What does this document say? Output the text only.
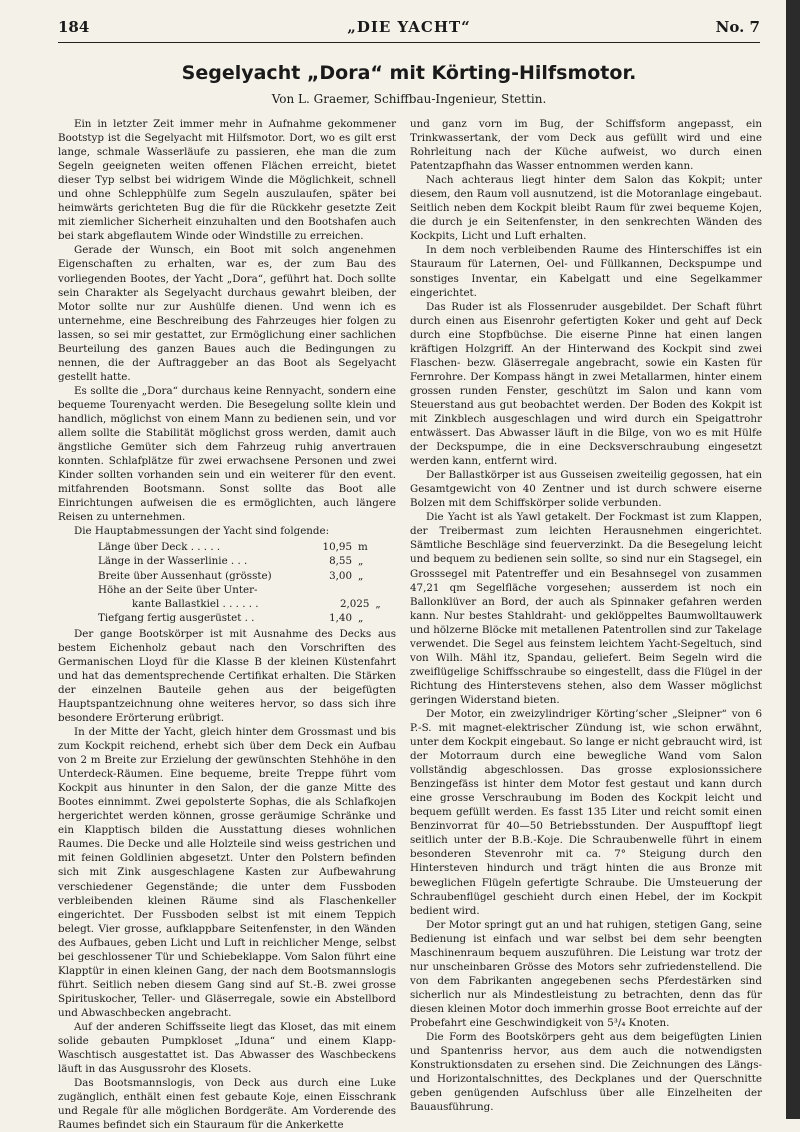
184	„DIE YACHT“	No. 7
Segelyacht „Dora“ mit Körting-Hilfsmotor.
Von L. Graemer, Schiffbau-Ingenieur, Stettin.

Ein in letzter Zeit immer mehr in Aufnahme gekommener Bootstyp ist die Segelyacht mit Hilfsmotor. Dort, wo es gilt erst lange, schmale Wasserläufe zu passieren, ehe man die zum Segeln geeigneten weiten offenen Flächen erreicht, bietet dieser Typ selbst bei widrigem Winde die Möglichkeit, schnell und ohne Schlepphülfe zum Segeln auszulaufen, später bei heimwärts gerichteten Bug die für die Rückkehr gesetzte Zeit mit ziemlicher Sicherheit einzuhalten und den Bootshafen auch bei stark abgeflautem Winde oder Windstille zu erreichen.

Gerade der Wunsch, ein Boot mit solch angenehmen Eigenschaften zu erhalten, war es, der zum Bau des vorliegenden Bootes, der Yacht „Dora“, geführt hat. Doch sollte sein Charakter als Segelyacht durchaus gewahrt bleiben, der Motor sollte nur zur Aushülfe dienen. Und wenn ich es unternehme, eine Beschreibung des Fahrzeuges hier folgen zu lassen, so sei mir gestattet, zur Ermöglichung einer sachlichen Beurteilung des ganzen Baues auch die Bedingungen zu nennen, die der Auftraggeber an das Boot als Segelyacht gestellt hatte.

Es sollte die „Dora“ durchaus keine Rennyacht, sondern eine bequeme Tourenyacht werden. Die Besegelung sollte klein und handlich, möglichst von einem Mann zu bedienen sein, und vor allem sollte die Stabilität möglichst gross werden, damit auch ängstliche Gemüter sich dem Fahrzeug ruhig anvertrauen konnten. Schlafplätze für zwei erwachsene Personen und zwei Kinder sollten vorhanden sein und ein weiterer für den event. mitfahrenden Bootsmann. Sonst sollte das Boot alle Einrichtungen aufweisen die es ermöglichten, auch längere Reisen zu unternehmen.

Die Hauptabmessungen der Yacht sind folgende:

Länge über Deck . . . . .	10,95 m
Länge in der Wasserlinie . . .	8,55 „
Breite über Aussenhaut (grösste)	3,00 „
Höhe an der Seite über Unter-
kante Ballastkiel . . . . . .	2,025 „
Tiefgang fertig ausgerüstet . .	1,40 „

Der gange Bootskörper ist mit Ausnahme des Decks aus bestem Eichenholz gebaut nach den Vorschriften des Germanischen Lloyd für die Klasse B der kleinen Küstenfahrt und hat das dementsprechende Certifikat erhalten. Die Stärken der einzelnen Bauteile gehen aus der beigefügten Hauptspantzeichnung ohne weiteres hervor, so dass sich ihre besondere Erörterung erübrigt.

In der Mitte der Yacht, gleich hinter dem Grossmast und bis zum Kockpit reichend, erhebt sich über dem Deck ein Aufbau von 2 m Breite zur Erzielung der gewünschten Stehhöhe in den Unterdeck-Räumen. Eine bequeme, breite Treppe führt vom Kockpit aus hinunter in den Salon, der die ganze Mitte des Bootes einnimmt. Zwei gepolsterte Sophas, die als Schlafkojen hergerichtet werden können, grosse geräumige Schränke und ein Klapptisch bilden die Ausstattung dieses wohnlichen Raumes. Die Decke und alle Holzteile sind weiss gestrichen und mit feinen Goldlinien abgesetzt. Unter den Polstern befinden sich mit Zink ausgeschlagene Kasten zur Aufbewahrung verschiedener Gegenstände; die unter dem Fussboden verbleibenden kleinen Räume sind als Flaschenkeller eingerichtet. Der Fussboden selbst ist mit einem Teppich belegt. Vier grosse, aufklappbare Seitenfenster, in den Wänden des Aufbaues, geben Licht und Luft in reichlicher Menge, selbst bei geschlossener Tür und Schiebeklappe. Vom Salon führt eine Klapptür in einen kleinen Gang, der nach dem Bootsmannslogis führt. Seitlich neben diesem Gang sind auf St.-B. zwei grosse Spirituskocher, Teller- und Gläserregale, sowie ein Abstellbord und Abwaschbecken angebracht.

Auf der anderen Schiffsseite liegt das Kloset, das mit einem solide gebauten Pumpkloset „Iduna“ und einem Klapp-Waschtisch ausgestattet ist. Das Abwasser des Waschbeckens läuft in das Ausgussrohr des Klosets.

Das Bootsmannslogis, von Deck aus durch eine Luke zugänglich, enthält einen fest gebaute Koje, einen Eisschrank und Regale für alle möglichen Bordgeräte. Am Vorderende des Raumes befindet sich ein Stauraum für die Ankerkette

und ganz vorn im Bug, der Schiffsform angepasst, ein Trinkwassertank, der vom Deck aus gefüllt wird und eine Rohrleitung nach der Küche aufweist, wo durch einen Patentzapfhahn das Wasser entnommen werden kann.

Nach achteraus liegt hinter dem Salon das Kokpit; unter diesem, den Raum voll ausnutzend, ist die Motoranlage eingebaut. Seitlich neben dem Kockpit bleibt Raum für zwei bequeme Kojen, die durch je ein Seitenfenster, in den senkrechten Wänden des Kockpits, Licht und Luft erhalten.

In dem noch verbleibenden Raume des Hinterschiffes ist ein Stauraum für Laternen, Oel- und Füllkannen, Deckspumpe und sonstiges Inventar, ein Kabelgatt und eine Segelkammer eingerichtet.

Das Ruder ist als Flossenruder ausgebildet. Der Schaft führt durch einen aus Eisenrohr gefertigten Koker und geht auf Deck durch eine Stopfbüchse. Die eiserne Pinne hat einen langen kräftigen Holzgriff. An der Hinterwand des Kockpit sind zwei Flaschen- bezw. Gläserregale angebracht, sowie ein Kasten für Fernrohre. Der Kompass hängt in zwei Metallarmen, hinter einem grossen runden Fenster, geschützt im Salon und kann vom Steuerstand aus gut beobachtet werden. Der Boden des Kokpit ist mit Zinkblech ausgeschlagen und wird durch ein Speigattrohr entwässert. Das Abwasser läuft in die Bilge, von wo es mit Hülfe der Deckspumpe, die in eine Decksverschraubung eingesetzt werden kann, entfernt wird.

Der Ballastkörper ist aus Gusseisen zweiteilig gegossen, hat ein Gesamtgewicht von 40 Zentner und ist durch schwere eiserne Bolzen mit dem Schiffskörper solide verbunden.

Die Yacht ist als Yawl getakelt. Der Fockmast ist zum Klappen, der Treibermast zum leichten Herausnehmen eingerichtet. Sämtliche Beschläge sind feuerverzinkt. Da die Besegelung leicht und bequem zu bedienen sein sollte, so sind nur ein Stagsegel, ein Grosssegel mit Patentreffer und ein Besahnsegel von zusammen 47,21 qm Segelfläche vorgesehen; ausserdem ist noch ein Ballonklüver an Bord, der auch als Spinnaker gefahren werden kann. Nur bestes Stahldraht- und geklöppeltes Baumwolltauwerk und hölzerne Blöcke mit metallenen Patentrollen sind zur Takelage verwendet. Die Segel aus feinstem leichtem Yacht-Segeltuch, sind von Wilh. Mähl itz, Spandau, geliefert. Beim Segeln wird die zweiflügelige Schiffsschraube so eingestellt, dass die Flügel in der Richtung des Hinterstevens stehen, also dem Wasser möglichst geringen Widerstand bieten.

Der Motor, ein zweizylindriger Körting’scher „Sleipner“ von 6 P.-S. mit magnet-elektrischer Zündung ist, wie schon erwähnt, unter dem Kockpit eingebaut. So lange er nicht gebraucht wird, ist der Motorraum durch eine bewegliche Wand vom Salon vollständig abgeschlossen. Das grosse explosionssichere Benzingefäss ist hinter dem Motor fest gestaut und kann durch eine grosse Verschraubung im Boden des Kockpit leicht und bequem gefüllt werden. Es fasst 135 Liter und reicht somit einen Benzinvorrat für 40—50 Betriebsstunden. Der Auspufftopf liegt seitlich unter der B.B.-Koje. Die Schraubenwelle führt in einem besonderen Stevenrohr mit ca. 7° Steigung durch den Hintersteven hindurch und trägt hinten die aus Bronze mit beweglichen Flügeln gefertigte Schraube. Die Umsteuerung der Schraubenflügel geschieht durch einen Hebel, der im Kockpit bedient wird.

Der Motor springt gut an und hat ruhigen, stetigen Gang, seine Bedienung ist einfach und war selbst bei dem sehr beengten Maschinenraum bequem auszuführen. Die Leistung war trotz der nur unscheinbaren Grösse des Motors sehr zufriedenstellend. Die von dem Fabrikanten angegebenen sechs Pferdestärken sind sicherlich nur als Mindestleistung zu betrachten, denn das für diesen kleinen Motor doch immerhin grosse Boot erreichte auf der Probefahrt eine Geschwindigkeit von 5³/₄ Knoten.

Die Form des Bootskörpers geht aus dem beigefügten Linien und Spantenriss hervor, aus dem auch die notwendigsten Konstruktionsdaten zu ersehen sind. Die Zeichnungen des Längs- und Horizontalschnittes, des Deckplanes und der Querschnitte geben genügenden Aufschluss über alle Einzelheiten der Bauausführung.
